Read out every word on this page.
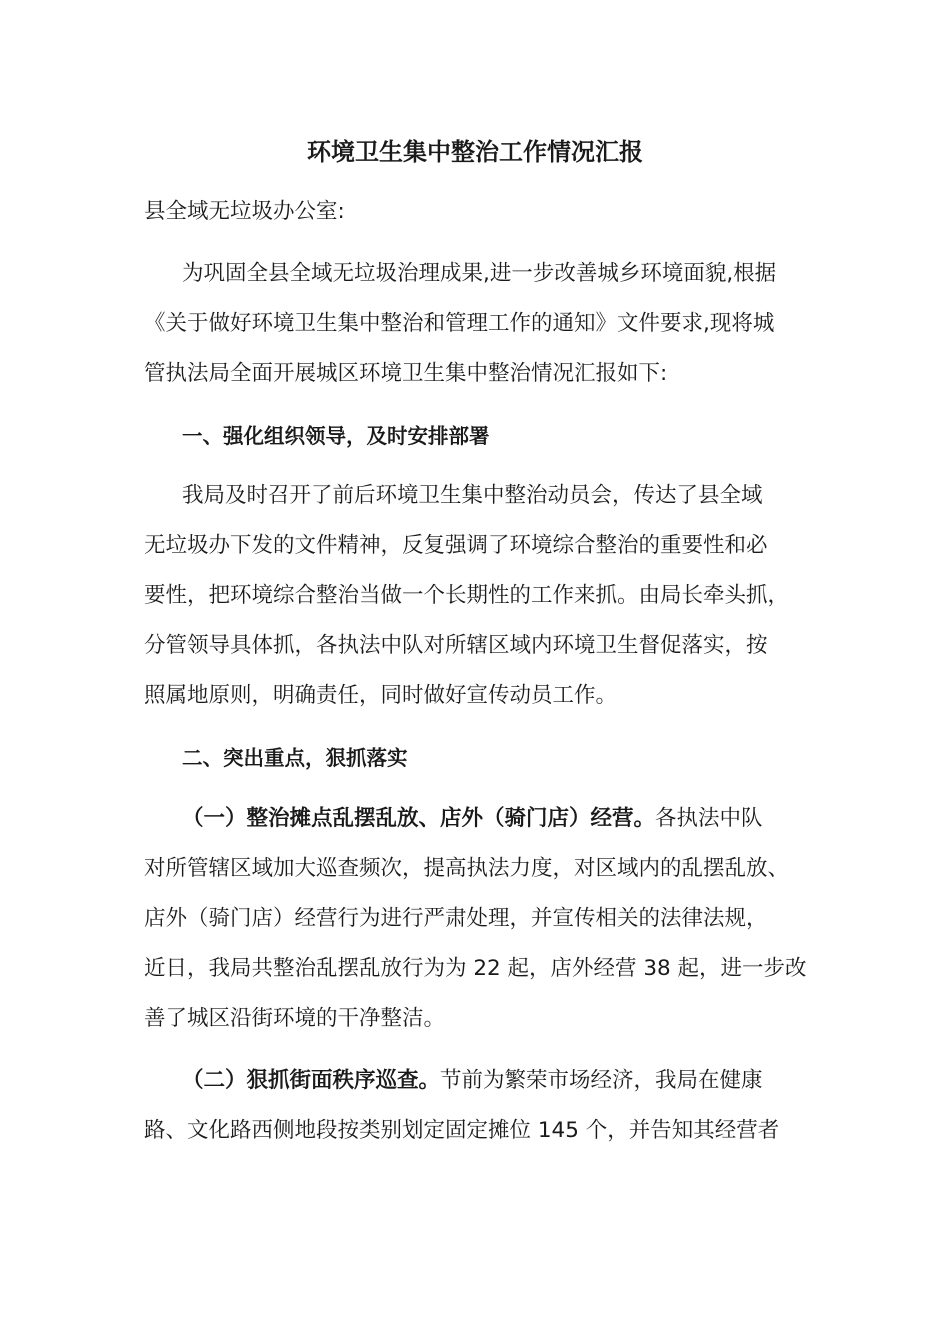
环境卫生集中整治工作情况汇报
县全域无垃圾办公室:
为巩固全县全域无垃圾治理成果,进一步改善城乡环境面貌,根据
《关于做好环境卫生集中整治和管理工作的通知》文件要求,现将城
管执法局全面开展城区环境卫生集中整治情况汇报如下:
一、强化组织领导，及时安排部署
我局及时召开了前后环境卫生集中整治动员会，传达了县全域
无垃圾办下发的文件精神，反复强调了环境综合整治的重要性和必
要性，把环境综合整治当做一个长期性的工作来抓。由局长牵头抓，
分管领导具体抓，各执法中队对所辖区域内环境卫生督促落实，按
照属地原则，明确责任，同时做好宣传动员工作。
二、突出重点，狠抓落实
（一）整治摊点乱摆乱放、店外（骑门店）经营。各执法中队
对所管辖区域加大巡查频次，提高执法力度，对区域内的乱摆乱放、
店外（骑门店）经营行为进行严肃处理，并宣传相关的法律法规，
近日，我局共整治乱摆乱放行为为 22 起，店外经营 38 起，进一步改
善了城区沿街环境的干净整洁。
（二）狠抓街面秩序巡查。节前为繁荣市场经济，我局在健康
路、文化路西侧地段按类别划定固定摊位 145 个，并告知其经营者
